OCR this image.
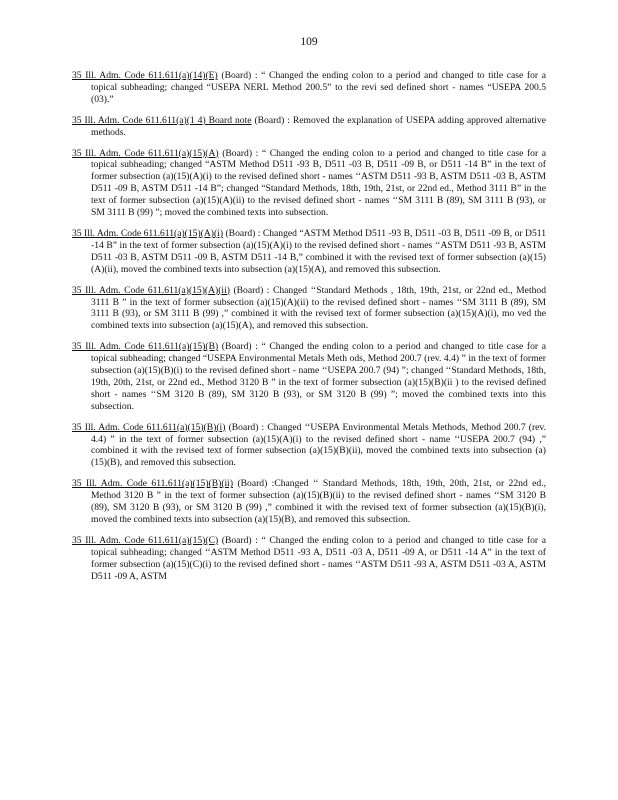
109

35 Ill. Adm. Code 611.611(a)(14)(E) (Board) : “ Changed the ending colon to a period and changed to title case for a topical subheading; changed “USEPA NERL Method 200.5” to the revi sed defined short - names “USEPA 200.5 (03).”

35 Ill. Adm. Code 611.611(a)(1 4) Board note (Board) : Removed the explanation of USEPA adding approved alternative methods.

35 Ill. Adm. Code 611.611(a)(15)(A) (Board) : “ Changed the ending colon to a period and changed to title case for a topical subheading; changed “ASTM Method D511 -93 B, D511 -03 B, D511 -09 B, or D511 -14 B” in the text of former subsection (a)(15)(A)(i) to the revised defined short - names ‘‘ASTM D511 -93 B, ASTM D511 -03 B, ASTM D511 -09 B, ASTM D511 -14 B”; changed “Standard Methods, 18th, 19th, 21st, or 22nd ed., Method 3111 B” in the text of former subsection (a)(15)(A)(ii) to the revised defined short - names ‘‘SM 3111 B (89), SM 3111 B (93), or SM 3111 B (99) ”; moved the combined texts into subsection.

35 Ill. Adm. Code 611.611(a)(15)(A)(i) (Board) : Changed “ASTM Method D511 -93 B, D511 -03 B, D511 -09 B, or D511 -14 B” in the text of former subsection (a)(15)(A)(i) to the revised defined short - names ‘‘ASTM D511 -93 B, ASTM D511 -03 B, ASTM D511 -09 B, ASTM D511 -14 B,” combined it with the revised text of former subsection (a)(15)(A)(ii), moved the combined texts into subsection (a)(15)(A), and removed this subsection.

35 Ill. Adm. Code 611.611(a)(15)(A)(ii) (Board) : Changed ‘‘Standard Methods , 18th, 19th, 21st, or 22nd ed., Method 3111 B ” in the text of former subsection (a)(15)(A)(ii) to the revised defined short - names ‘‘SM 3111 B (89), SM 3111 B (93), or SM 3111 B (99) ,” combined it with the revised text of former subsection (a)(15)(A)(i), mo ved the combined texts into subsection (a)(15)(A), and removed this subsection.

35 Ill. Adm. Code 611.611(a)(15)(B) (Board) : “ Changed the ending colon to a period and changed to title case for a topical subheading; changed “USEPA Environmental Metals Meth ods, Method 200.7 (rev. 4.4) ” in the text of former subsection (a)(15)(B)(i) to the revised defined short - name ‘‘USEPA 200.7 (94) ”; changed ‘‘Standard Methods, 18th, 19th, 20th, 21st, or 22nd ed., Method 3120 B ” in the text of former subsection (a)(15)(B)(ii ) to the revised defined short - names ‘‘SM 3120 B (89), SM 3120 B (93), or SM 3120 B (99) ”; moved the combined texts into this subsection.

35 Ill. Adm. Code 611.611(a)(15)(B)(i) (Board) : Changed ‘‘USEPA Environmental Metals Methods, Method 200.7 (rev. 4.4) ” in the text of former subsection (a)(15)(A)(i) to the revised defined short - name ‘‘USEPA 200.7 (94) ,” combined it with the revised text of former subsection (a)(15)(B)(ii), moved the combined texts into subsection (a)(15)(B), and removed this subsection.

35 Ill. Adm. Code 611.611(a)(15)(B)(ii) (Board) :Changed ‘‘ Standard Methods, 18th, 19th, 20th, 21st, or 22nd ed., Method 3120 B ” in the text of former subsection (a)(15)(B)(ii) to the revised defined short - names ‘‘SM 3120 B (89), SM 3120 B (93), or SM 3120 B (99) ,” combined it with the revised text of former subsection (a)(15)(B)(i), moved the combined texts into subsection (a)(15)(B), and removed this subsection.

35 Ill. Adm. Code 611.611(a)(15)(C) (Board) : “ Changed the ending colon to a period and changed to title case for a topical subheading; changed ‘‘ASTM Method D511 -93 A, D511 -03 A, D511 -09 A, or D511 -14 A” in the text of former subsection (a)(15)(C)(i) to the revised defined short - names ‘‘ASTM D511 -93 A, ASTM D511 -03 A, ASTM D511 -09 A, ASTM
